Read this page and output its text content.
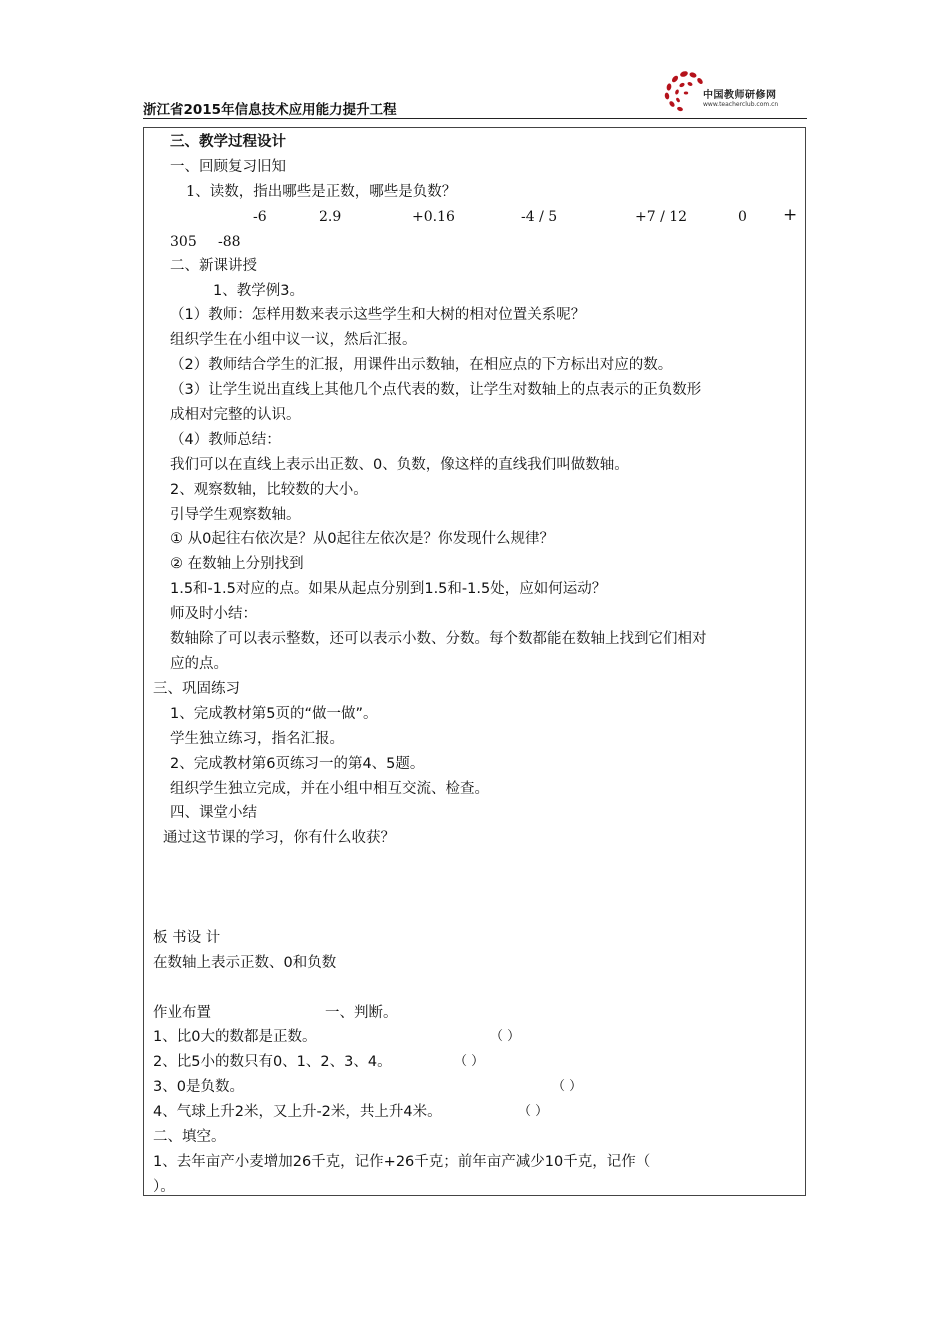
浙江省2015年信息技术应用能力提升工程
中国教师研修网
www.teacherclub.com.cn
三、教学过程设计
一、回顾复习旧知
1、读数，指出哪些是正数，哪些是负数？
-6	2.9	+0.16	-4 / 5	+7 / 12	0 +
305 -88
二、新课讲授
1、教学例3。
（1）教师：怎样用数来表示这些学生和大树的相对位置关系呢？
组织学生在小组中议一议，然后汇报。
（2）教师结合学生的汇报，用课件出示数轴，在相应点的下方标出对应的数。
（3）让学生说出直线上其他几个点代表的数，让学生对数轴上的点表示的正负数形
成相对完整的认识。
（4）教师总结：
我们可以在直线上表示出正数、0、负数，像这样的直线我们叫做数轴。
2、观察数轴，比较数的大小。
引导学生观察数轴。
① 从0起往右依次是？从0起往左依次是？你发现什么规律？
② 在数轴上分别找到
1.5和-1.5对应的点。如果从起点分别到1.5和-1.5处，应如何运动？
师及时小结：
数轴除了可以表示整数，还可以表示小数、分数。每个数都能在数轴上找到它们相对
应的点。
三、巩固练习
1、完成教材第5页的“做一做”。
学生独立练习，指名汇报。
2、完成教材第6页练习一的第4、5题。
组织学生独立完成，并在小组中相互交流、检查。
四、课堂小结
通过这节课的学习，你有什么收获？
板 书设 计
在数轴上表示正数、0和负数
作业布置	一、判断。
1、比0大的数都是正数。	（ ）
2、比5小的数只有0、1、2、3、4。	（ ）
3、0是负数。	（ ）
4、气球上升2米，又上升-2米，共上升4米。	（ ）
二、填空。
1、去年亩产小麦增加26千克，记作+26千克；前年亩产减少10千克，记作（
）。
